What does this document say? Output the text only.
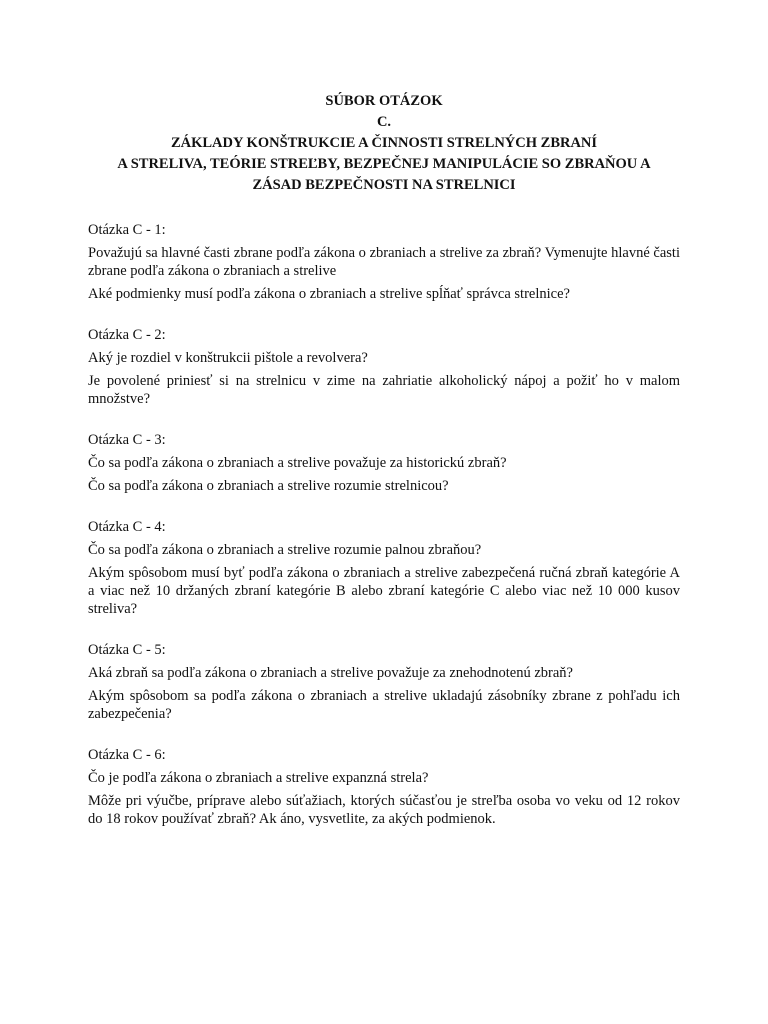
SÚBOR OTÁZOK
C.
ZÁKLADY KONŠTRUKCIE A ČINNOSTI STRELNÝCH ZBRANÍ
A STRELIVA, TEÓRIE STREĽBY, BEZPEČNEJ MANIPULÁCIE SO ZBRAŇOU A
ZÁSAD BEZPEČNOSTI NA STRELNICI
Otázka C - 1:
Považujú sa hlavné časti zbrane podľa zákona o zbraniach a strelive za zbraň? Vymenujte hlavné časti zbrane podľa zákona o zbraniach a strelive
Aké podmienky musí podľa zákona o zbraniach a strelive spĺňať správca strelnice?
Otázka C - 2:
Aký je rozdiel v konštrukcii pištole a revolvera?
Je povolené priniesť si na strelnicu v zime na zahriatie alkoholický nápoj a požiť ho v malom množstve?
Otázka C - 3:
Čo sa podľa zákona o zbraniach a strelive považuje za historickú zbraň?
Čo sa podľa zákona o zbraniach a strelive rozumie strelnicou?
Otázka C - 4:
Čo sa podľa zákona o zbraniach a strelive rozumie palnou zbraňou?
Akým spôsobom musí byť podľa zákona o zbraniach a strelive zabezpečená ručná zbraň kategórie A a viac než 10 držaných zbraní kategórie B alebo zbraní kategórie C alebo viac než 10 000 kusov streliva?
Otázka C - 5:
Aká zbraň sa podľa zákona o zbraniach a strelive považuje za znehodnotenú zbraň?
Akým spôsobom sa podľa zákona o zbraniach a strelive ukladajú zásobníky zbrane z pohľadu ich zabezpečenia?
Otázka C - 6:
Čo je podľa zákona o zbraniach a strelive expanzná strela?
Môže pri výučbe, príprave alebo súťažiach, ktorých súčasťou je streľba osoba vo veku od 12 rokov do 18 rokov používať zbraň? Ak áno, vysvetlite, za akých podmienok.
